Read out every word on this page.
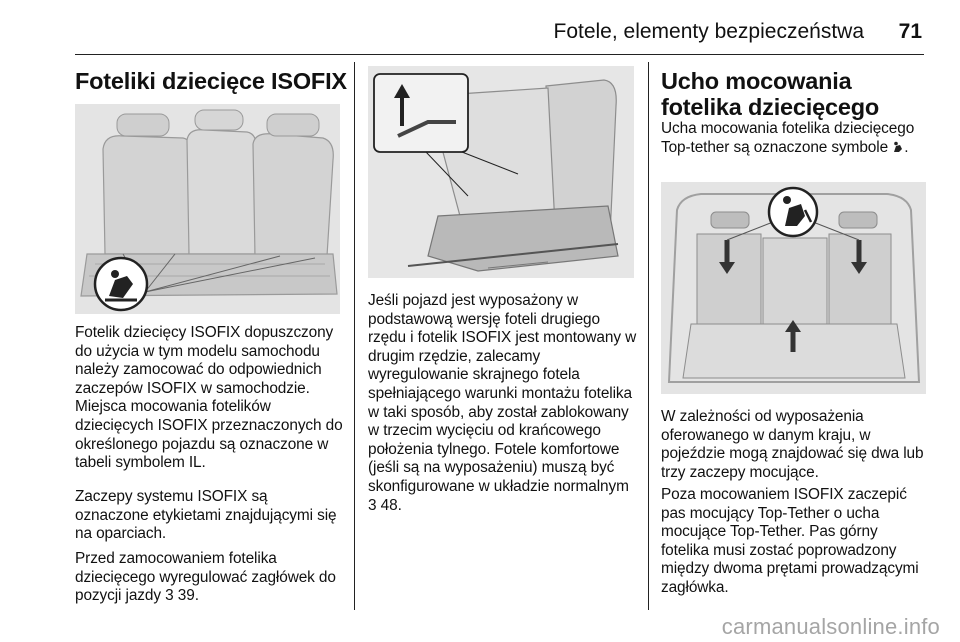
Fotele, elementy bezpieczeństwa 71
Foteliki dziecięce ISOFIX

Fotelik dziecięcy ISOFIX dopuszczony do użycia w tym modelu samochodu należy zamocować do odpowiednich zaczepów ISOFIX w samochodzie. Miejsca mocowania fotelików dziecięcych ISOFIX przeznaczonych do określonego pojazdu są oznaczone w tabeli symbolem IL.

Zaczepy systemu ISOFIX są oznaczone etykietami znajdującymi się na oparciach.

Przed zamocowaniem fotelika dziecięcego wyregulować zagłówek do pozycji jazdy 3 39.

Jeśli pojazd jest wyposażony w podstawową wersję foteli drugiego rzędu i fotelik ISOFIX jest montowany w drugim rzędzie, zalecamy wyregulowanie skrajnego fotela spełniającego warunki montażu fotelika w taki sposób, aby został zablokowany w trzecim wycięciu od krańcowego położenia tylnego. Fotele komfortowe (jeśli są na wyposażeniu) muszą być skonfigurowane w układzie normalnym 3 48.

Ucho mocowania fotelika dziecięcego

Ucha mocowania fotelika dziecięcego Top-tether są oznaczone symbole .

W zależności od wyposażenia oferowanego w danym kraju, w pojeździe mogą znajdować się dwa lub trzy zaczepy mocujące.

Poza mocowaniem ISOFIX zaczepić pas mocujący Top-Tether o ucha mocujące Top-Tether. Pas górny fotelika musi zostać poprowadzony między dwoma prętami prowadzącymi zagłówka.

carmanualsonline.info
